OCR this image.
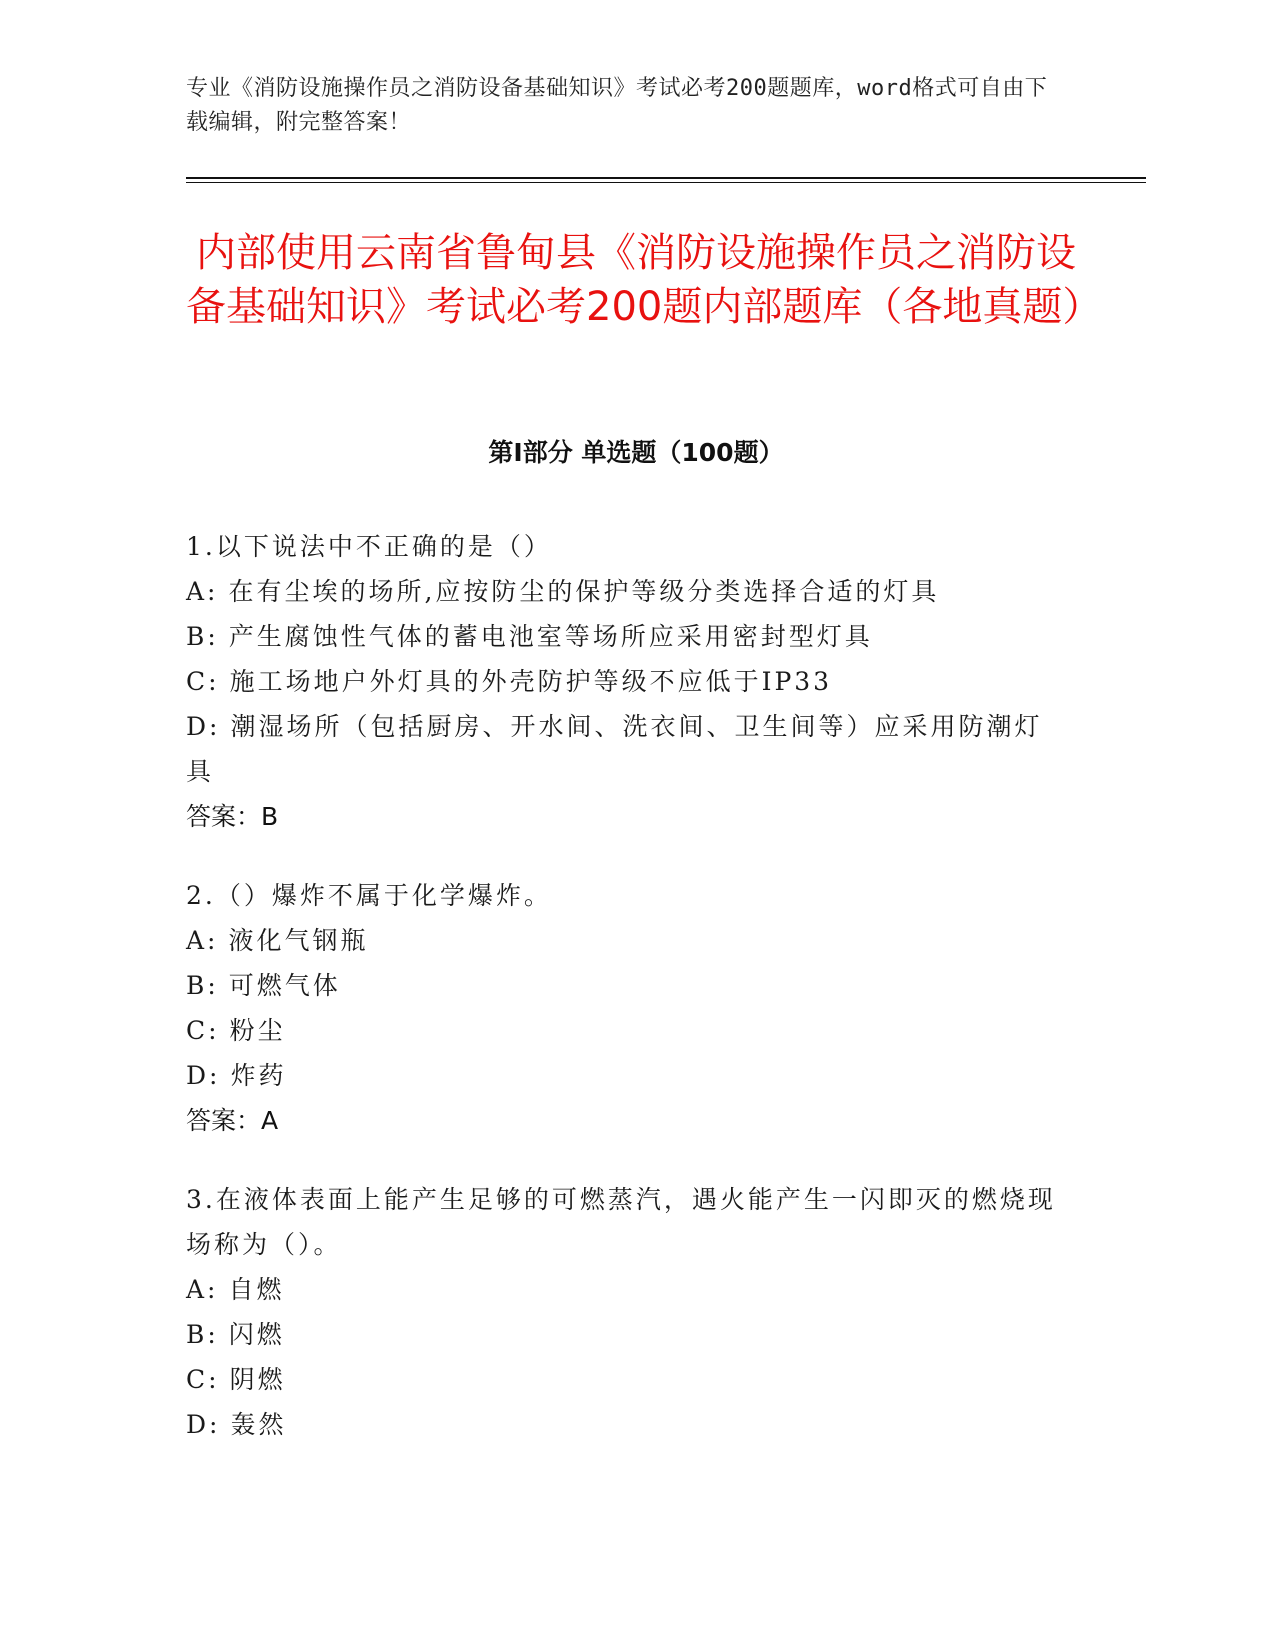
专业《消防设施操作员之消防设备基础知识》考试必考200题题库，word格式可自由下载编辑，附完整答案！
内部使用云南省鲁甸县《消防设施操作员之消防设备基础知识》考试必考200题内部题库（各地真题）
第Ⅰ部分 单选题（100题）
1.以下说法中不正确的是（）
A: 在有尘埃的场所,应按防尘的保护等级分类选择合适的灯具
B: 产生腐蚀性气体的蓄电池室等场所应采用密封型灯具
C: 施工场地户外灯具的外壳防护等级不应低于IP33
D: 潮湿场所（包括厨房、开水间、洗衣间、卫生间等）应采用防潮灯具
答案：B
2.（）爆炸不属于化学爆炸。
A: 液化气钢瓶
B: 可燃气体
C: 粉尘
D: 炸药
答案：A
3.在液体表面上能产生足够的可燃蒸汽，遇火能产生一闪即灭的燃烧现场称为（）。
A: 自燃
B: 闪燃
C: 阴燃
D: 轰然
